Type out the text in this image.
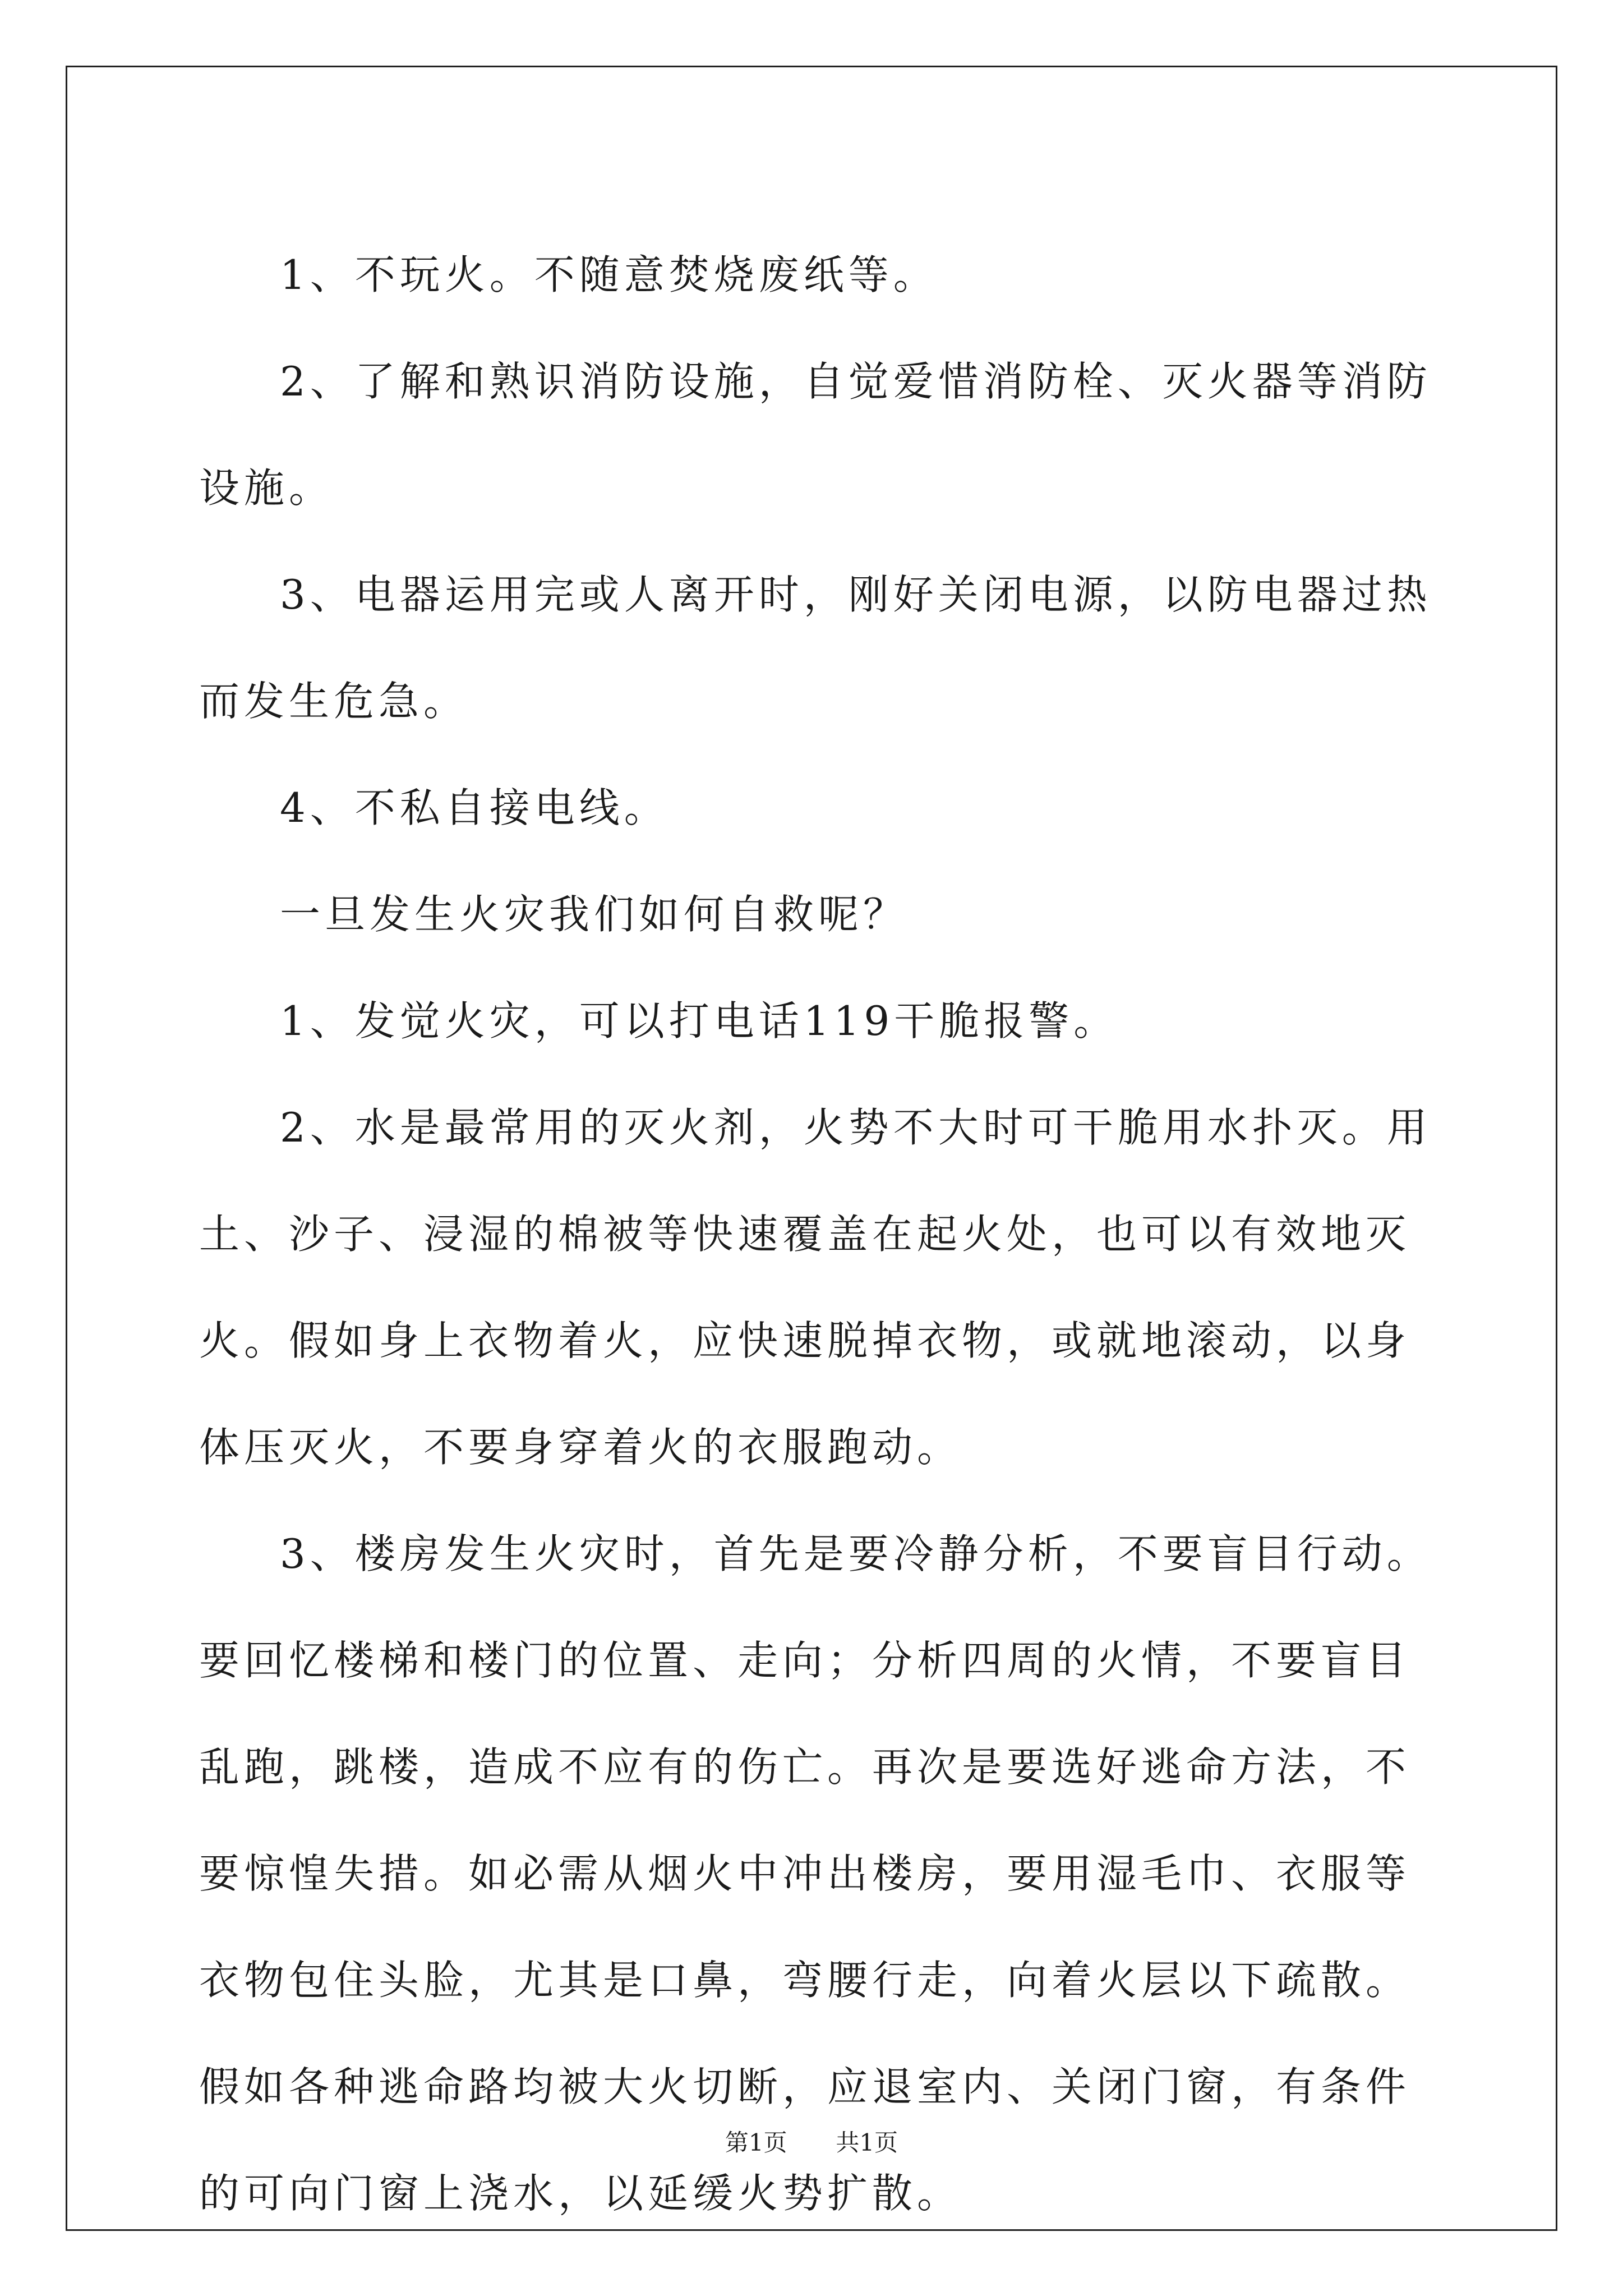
1、不玩火。不随意焚烧废纸等。

2、了解和熟识消防设施，自觉爱惜消防栓、灭火器等消防设施。

3、电器运用完或人离开时，刚好关闭电源，以防电器过热而发生危急。

4、不私自接电线。

一旦发生火灾我们如何自救呢？

1、发觉火灾，可以打电话119干脆报警。

2、水是最常用的灭火剂，火势不大时可干脆用水扑灭。用土、沙子、浸湿的棉被等快速覆盖在起火处，也可以有效地灭火。假如身上衣物着火，应快速脱掉衣物，或就地滚动，以身体压灭火，不要身穿着火的衣服跑动。

3、楼房发生火灾时，首先是要冷静分析，不要盲目行动。要回忆楼梯和楼门的位置、走向；分析四周的火情，不要盲目乱跑，跳楼，造成不应有的伤亡。再次是要选好逃命方法，不要惊惶失措。如必需从烟火中冲出楼房，要用湿毛巾、衣服等衣物包住头脸，尤其是口鼻，弯腰行走，向着火层以下疏散。假如各种逃命路均被大火切断，应退室内、关闭门窗，有条件的可向门窗上浇水，以延缓火势扩散。

第1页 共1页
